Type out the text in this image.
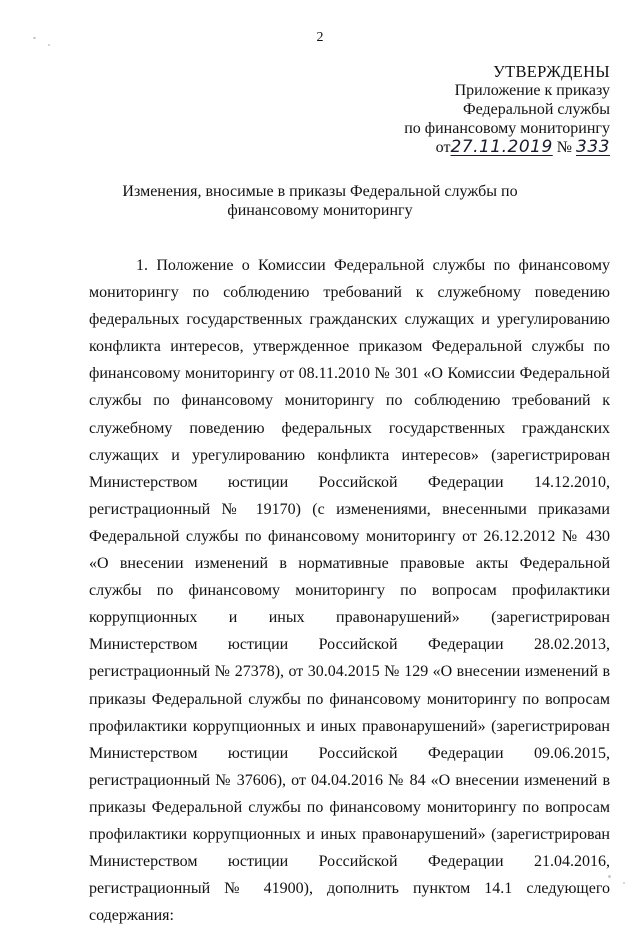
2
УТВЕРЖДЕНЫ
Приложение к приказу
Федеральной службы
по финансовому мониторингу
от27.11.2019 № 333
Изменения, вносимые в приказы Федеральной службы по финансовому мониторингу

1. Положение о Комиссии Федеральной службы по финансовому мониторингу по соблюдению требований к служебному поведению федеральных государственных гражданских служащих и урегулированию конфликта интересов, утвержденное приказом Федеральной службы по финансовому мониторингу от 08.11.2010 № 301 «О Комиссии Федеральной службы по финансовому мониторингу по соблюдению требований к служебному поведению федеральных государственных гражданских служащих и урегулированию конфликта интересов» (зарегистрирован Министерством юстиции Российской Федерации 14.12.2010, регистрационный № 19170) (с изменениями, внесенными приказами Федеральной службы по финансовому мониторингу от 26.12.2012 № 430 «О внесении изменений в нормативные правовые акты Федеральной службы по финансовому мониторингу по вопросам профилактики коррупционных и иных правонарушений» (зарегистрирован Министерством юстиции Российской Федерации 28.02.2013, регистрационный № 27378), от 30.04.2015 № 129 «О внесении изменений в приказы Федеральной службы по финансовому мониторингу по вопросам профилактики коррупционных и иных правонарушений» (зарегистрирован Министерством юстиции Российской Федерации 09.06.2015, регистрационный № 37606), от 04.04.2016 № 84 «О внесении изменений в приказы Федеральной службы по финансовому мониторингу по вопросам профилактики коррупционных и иных правонарушений» (зарегистрирован Министерством юстиции Российской Федерации 21.04.2016, регистрационный № 41900), дополнить пунктом 14.1 следующего содержания:
